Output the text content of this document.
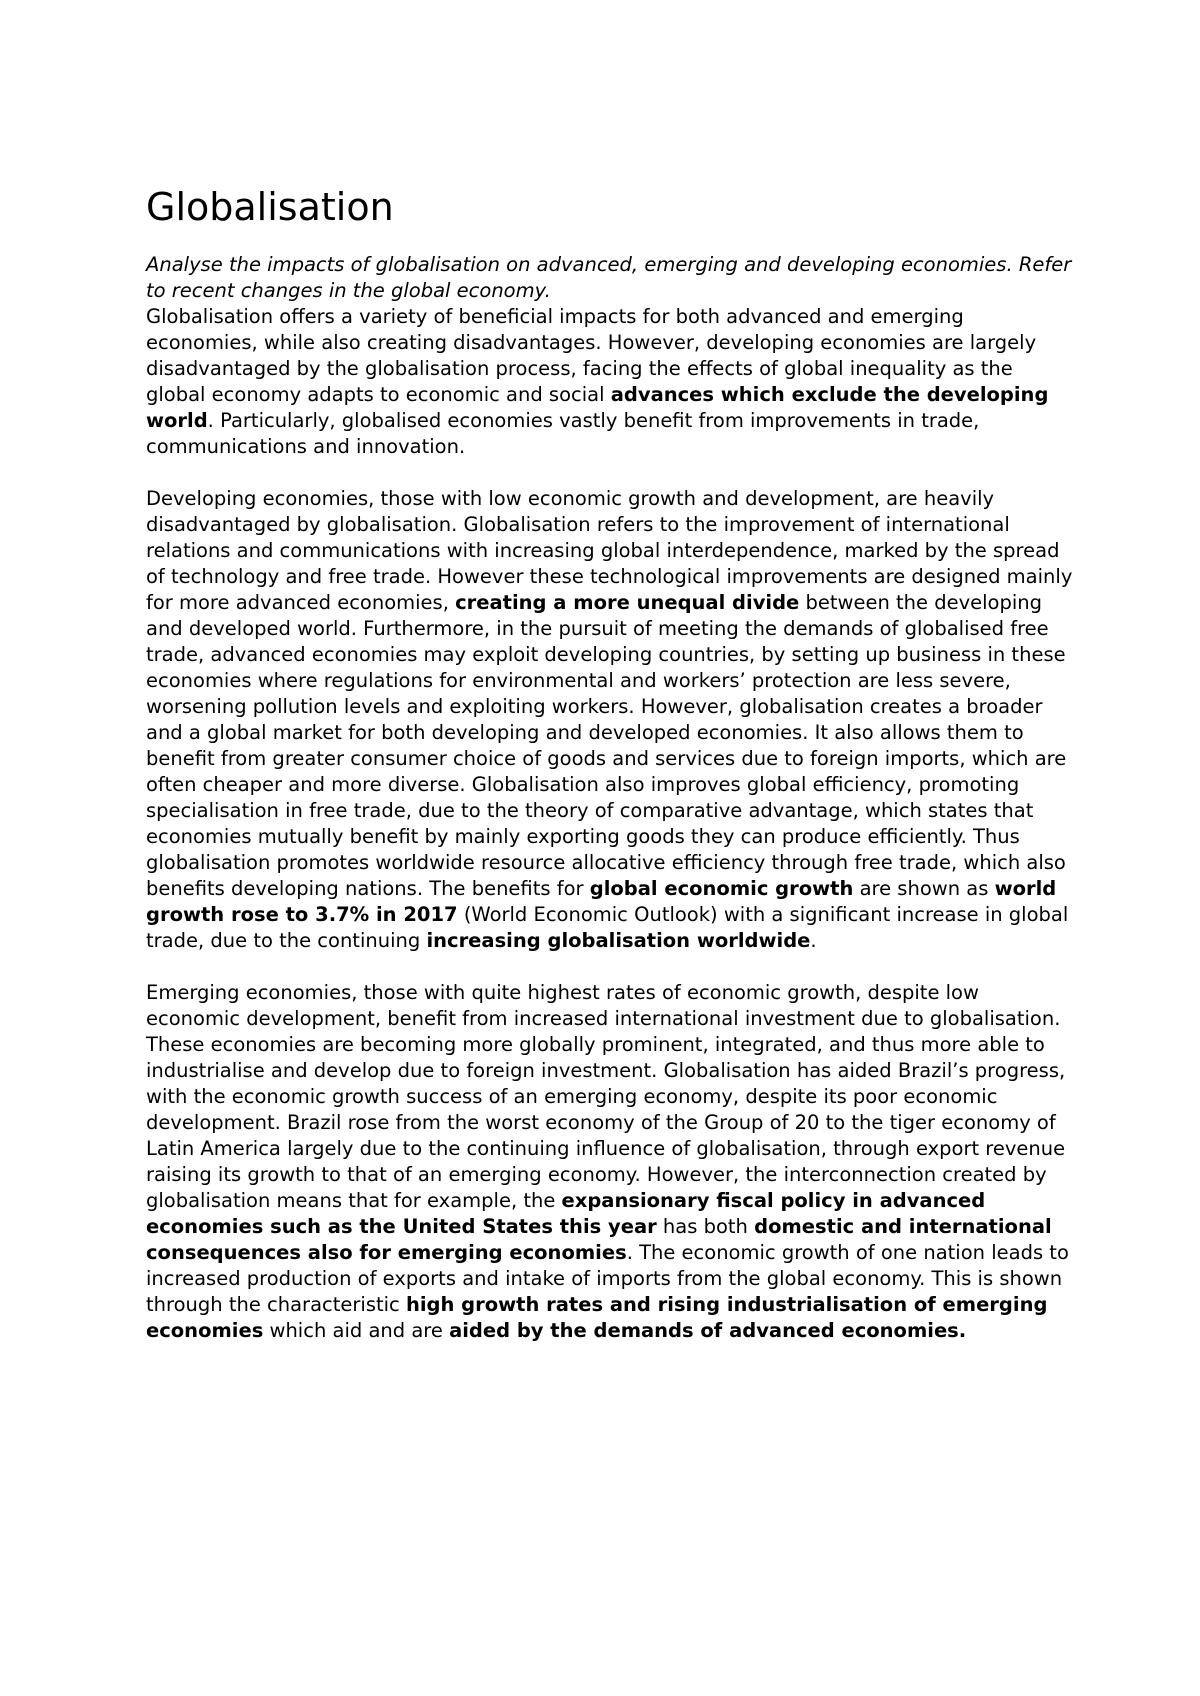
Globalisation

Analyse the impacts of globalisation on advanced, emerging and developing economies. Refer to recent changes in the global economy.

Globalisation offers a variety of beneficial impacts for both advanced and emerging economies, while also creating disadvantages. However, developing economies are largely disadvantaged by the globalisation process, facing the effects of global inequality as the global economy adapts to economic and social advances which exclude the developing world. Particularly, globalised economies vastly benefit from improvements in trade, communications and innovation.

Developing economies, those with low economic growth and development, are heavily disadvantaged by globalisation. Globalisation refers to the improvement of international relations and communications with increasing global interdependence, marked by the spread of technology and free trade. However these technological improvements are designed mainly for more advanced economies, creating a more unequal divide between the developing and developed world. Furthermore, in the pursuit of meeting the demands of globalised free trade, advanced economies may exploit developing countries, by setting up business in these economies where regulations for environmental and workers’ protection are less severe, worsening pollution levels and exploiting workers. However, globalisation creates a broader and a global market for both developing and developed economies. It also allows them to benefit from greater consumer choice of goods and services due to foreign imports, which are often cheaper and more diverse. Globalisation also improves global efficiency, promoting specialisation in free trade, due to the theory of comparative advantage, which states that economies mutually benefit by mainly exporting goods they can produce efficiently. Thus globalisation promotes worldwide resource allocative efficiency through free trade, which also benefits developing nations. The benefits for global economic growth are shown as world growth rose to 3.7% in 2017 (World Economic Outlook) with a significant increase in global trade, due to the continuing increasing globalisation worldwide.

Emerging economies, those with quite highest rates of economic growth, despite low economic development, benefit from increased international investment due to globalisation. These economies are becoming more globally prominent, integrated, and thus more able to industrialise and develop due to foreign investment. Globalisation has aided Brazil’s progress, with the economic growth success of an emerging economy, despite its poor economic development. Brazil rose from the worst economy of the Group of 20 to the tiger economy of Latin America largely due to the continuing influence of globalisation, through export revenue raising its growth to that of an emerging economy. However, the interconnection created by globalisation means that for example, the expansionary fiscal policy in advanced economies such as the United States this year has both domestic and international consequences also for emerging economies. The economic growth of one nation leads to increased production of exports and intake of imports from the global economy. This is shown through the characteristic high growth rates and rising industrialisation of emerging economies which aid and are aided by the demands of advanced economies.
